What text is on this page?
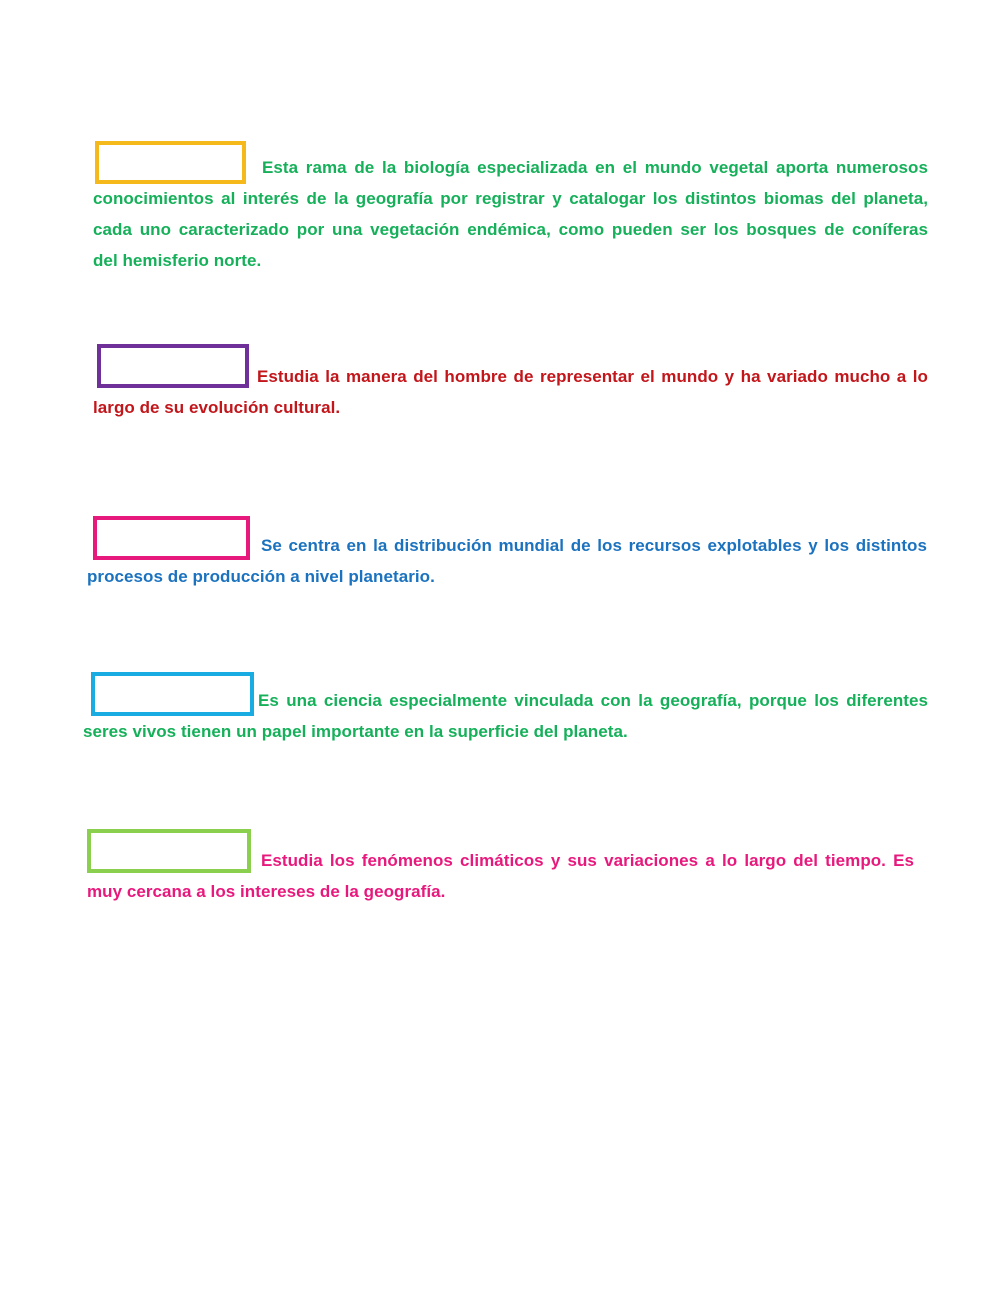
Esta rama de la biología especializada en el mundo vegetal aporta numerosos
conocimientos al interés de la geografía por registrar y catalogar los distintos biomas del planeta,
cada uno caracterizado por una vegetación endémica, como pueden ser los bosques de coníferas
del hemisferio norte.
Estudia la manera del hombre de representar el mundo y ha variado mucho a lo
largo de su evolución cultural.
Se centra en la distribución mundial de los recursos explotables y los distintos
procesos de producción a nivel planetario.
Es una ciencia especialmente vinculada con la geografía, porque los diferentes
seres vivos tienen un papel importante en la superficie del planeta.
Estudia los fenómenos climáticos y sus variaciones a lo largo del tiempo. Es
muy cercana a los intereses de la geografía.
